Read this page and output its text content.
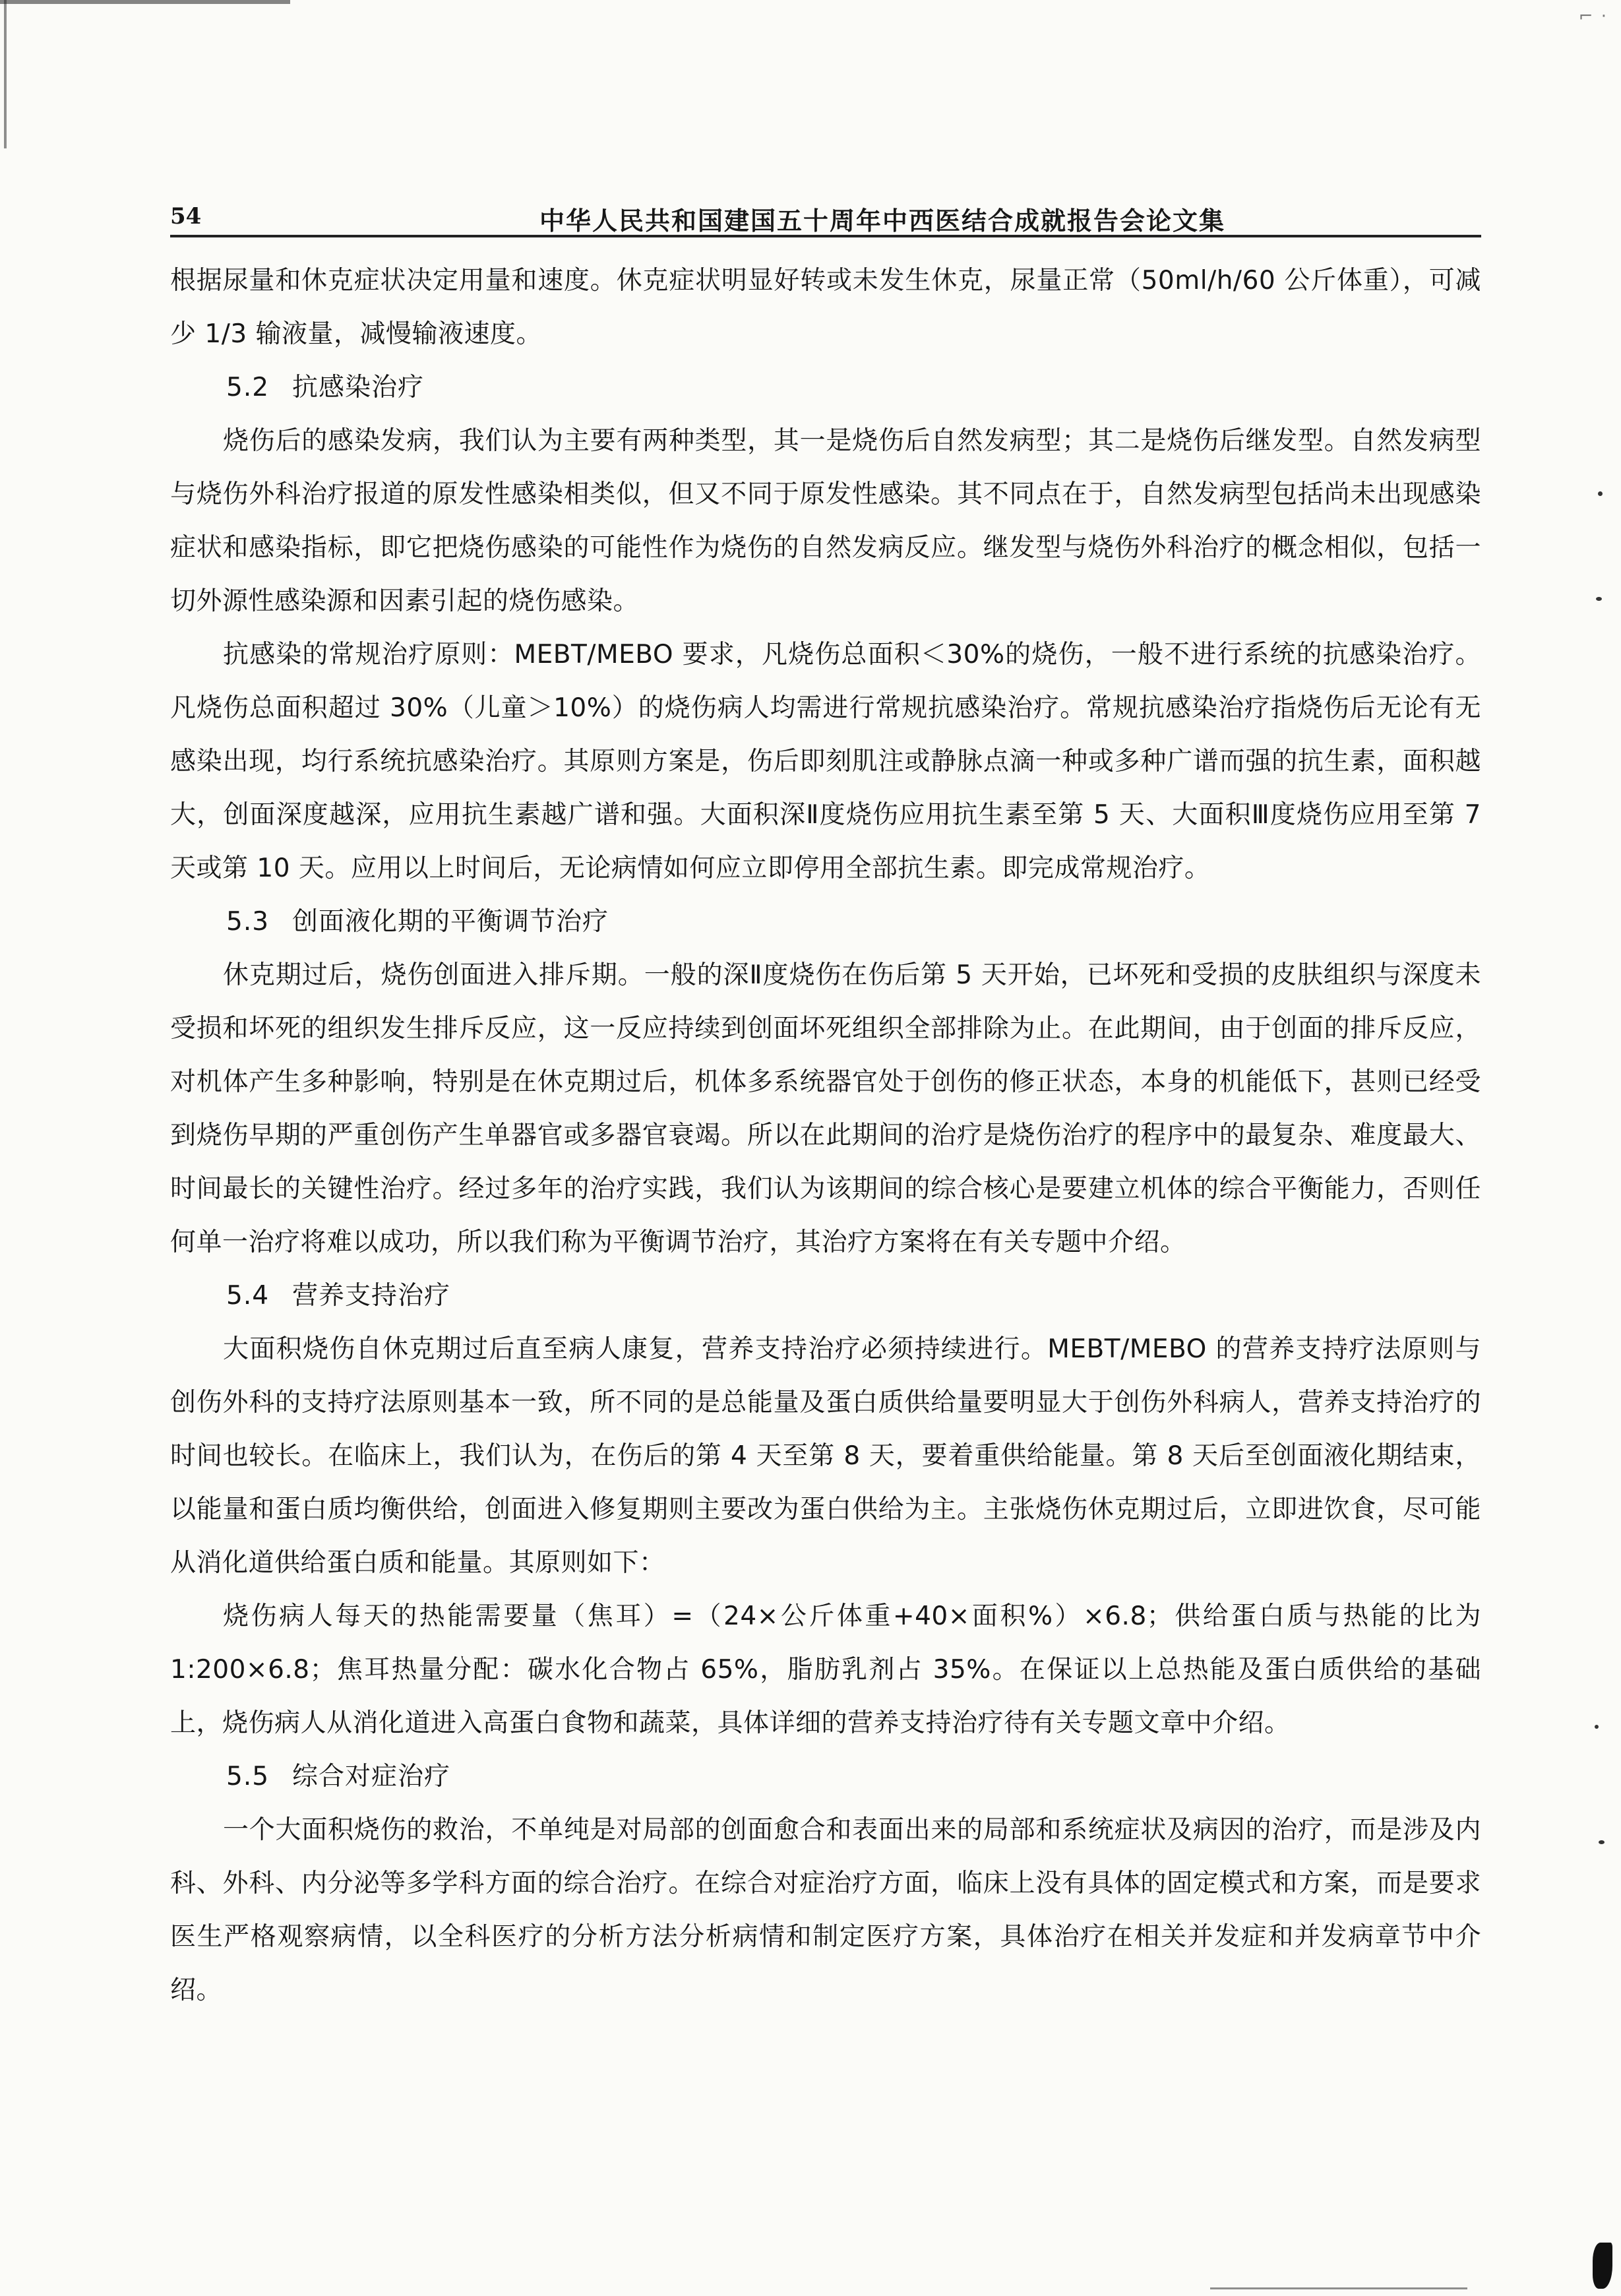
⌐ ·
54	中华人民共和国建国五十周年中西医结合成就报告会论文集

根据尿量和休克症状决定用量和速度。休克症状明显好转或未发生休克，尿量正常（50ml/h/60 公斤体重），可减少 1/3 输液量，减慢输液速度。

5.2 抗感染治疗

烧伤后的感染发病，我们认为主要有两种类型，其一是烧伤后自然发病型；其二是烧伤后继发型。自然发病型与烧伤外科治疗报道的原发性感染相类似，但又不同于原发性感染。其不同点在于，自然发病型包括尚未出现感染症状和感染指标，即它把烧伤感染的可能性作为烧伤的自然发病反应。继发型与烧伤外科治疗的概念相似，包括一切外源性感染源和因素引起的烧伤感染。

抗感染的常规治疗原则：MEBT/MEBO 要求，凡烧伤总面积＜30%的烧伤，一般不进行系统的抗感染治疗。凡烧伤总面积超过 30%（儿童＞10%）的烧伤病人均需进行常规抗感染治疗。常规抗感染治疗指烧伤后无论有无感染出现，均行系统抗感染治疗。其原则方案是，伤后即刻肌注或静脉点滴一种或多种广谱而强的抗生素，面积越大，创面深度越深，应用抗生素越广谱和强。大面积深Ⅱ度烧伤应用抗生素至第 5 天、大面积Ⅲ度烧伤应用至第 7 天或第 10 天。应用以上时间后，无论病情如何应立即停用全部抗生素。即完成常规治疗。

5.3 创面液化期的平衡调节治疗

休克期过后，烧伤创面进入排斥期。一般的深Ⅱ度烧伤在伤后第 5 天开始，已坏死和受损的皮肤组织与深度未受损和坏死的组织发生排斥反应，这一反应持续到创面坏死组织全部排除为止。在此期间，由于创面的排斥反应，对机体产生多种影响，特别是在休克期过后，机体多系统器官处于创伤的修正状态，本身的机能低下，甚则已经受到烧伤早期的严重创伤产生单器官或多器官衰竭。所以在此期间的治疗是烧伤治疗的程序中的最复杂、难度最大、时间最长的关键性治疗。经过多年的治疗实践，我们认为该期间的综合核心是要建立机体的综合平衡能力，否则任何单一治疗将难以成功，所以我们称为平衡调节治疗，其治疗方案将在有关专题中介绍。

5.4 营养支持治疗

大面积烧伤自休克期过后直至病人康复，营养支持治疗必须持续进行。MEBT/MEBO 的营养支持疗法原则与创伤外科的支持疗法原则基本一致，所不同的是总能量及蛋白质供给量要明显大于创伤外科病人，营养支持治疗的时间也较长。在临床上，我们认为，在伤后的第 4 天至第 8 天，要着重供给能量。第 8 天后至创面液化期结束，以能量和蛋白质均衡供给，创面进入修复期则主要改为蛋白供给为主。主张烧伤休克期过后，立即进饮食，尽可能从消化道供给蛋白质和能量。其原则如下：

烧伤病人每天的热能需要量（焦耳）=（24×公斤体重+40×面积%）×6.8；供给蛋白质与热能的比为 1:200×6.8；焦耳热量分配：碳水化合物占 65%，脂肪乳剂占 35%。在保证以上总热能及蛋白质供给的基础上，烧伤病人从消化道进入高蛋白食物和蔬菜，具体详细的营养支持治疗待有关专题文章中介绍。

5.5 综合对症治疗

一个大面积烧伤的救治，不单纯是对局部的创面愈合和表面出来的局部和系统症状及病因的治疗，而是涉及内科、外科、内分泌等多学科方面的综合治疗。在综合对症治疗方面，临床上没有具体的固定模式和方案，而是要求医生严格观察病情，以全科医疗的分析方法分析病情和制定医疗方案，具体治疗在相关并发症和并发病章节中介绍。
